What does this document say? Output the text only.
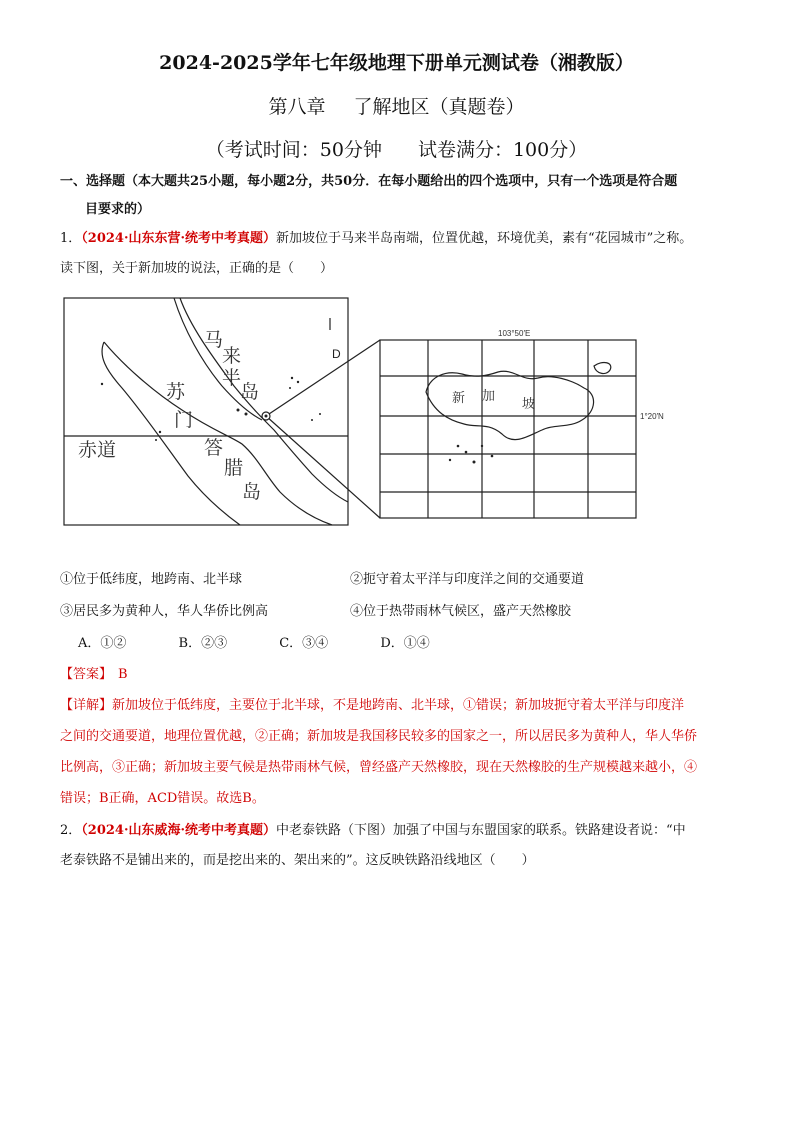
2024-2025学年七年级地理下册单元测试卷（湘教版）
第八章 了解地区（真题卷）
（考试时间：50分钟 试卷满分：100分）
一、选择题（本大题共25小题，每小题2分，共50分．在每小题给出的四个选项中，只有一个选项是符合题
目要求的）
1．（2024·山东东营·统考中考真题）新加坡位于马来半岛南端，位置优越，环境优美，素有“花园城市”之称。
读下图，关于新加坡的说法，正确的是（　　）
D
马
来
半
岛
苏
门
答
腊
岛
赤道
103°50′E
1°20′N
新 加
坡
①位于低纬度，地跨南、北半球	②扼守着太平洋与印度洋之间的交通要道
③居民多为黄种人，华人华侨比例高	④位于热带雨林气候区，盛产天然橡胶
A．①②	B．②③	C．③④	D．①④
【答案】 B
【详解】新加坡位于低纬度，主要位于北半球，不是地跨南、北半球，①错误；新加坡扼守着太平洋与印度洋
之间的交通要道，地理位置优越，②正确；新加坡是我国移民较多的国家之一，所以居民多为黄种人，华人华侨
比例高，③正确；新加坡主要气候是热带雨林气候，曾经盛产天然橡胶，现在天然橡胶的生产规模越来越小，④
错误；B正确，ACD错误。故选B。
2．（2024·山东威海·统考中考真题）中老泰铁路（下图）加强了中国与东盟国家的联系。铁路建设者说：“中
老泰铁路不是铺出来的，而是挖出来的、架出来的”。这反映铁路沿线地区（　　）
